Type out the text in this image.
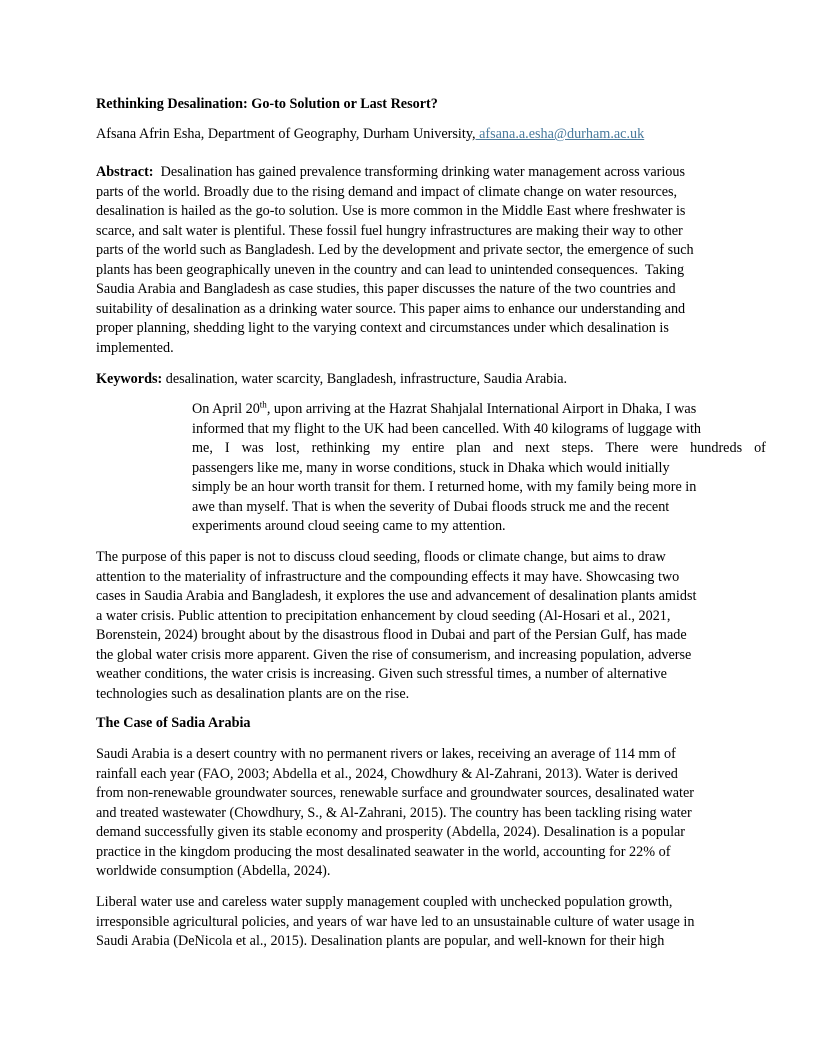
Rethinking Desalination: Go-to Solution or Last Resort?
Afsana Afrin Esha, Department of Geography, Durham University, afsana.a.esha@durham.ac.uk
Abstract:  Desalination has gained prevalence transforming drinking water management across various
parts of the world. Broadly due to the rising demand and impact of climate change on water resources,
desalination is hailed as the go-to solution. Use is more common in the Middle East where freshwater is
scarce, and salt water is plentiful. These fossil fuel hungry infrastructures are making their way to other
parts of the world such as Bangladesh. Led by the development and private sector, the emergence of such
plants has been geographically uneven in the country and can lead to unintended consequences.  Taking
Saudia Arabia and Bangladesh as case studies, this paper discusses the nature of the two countries and
suitability of desalination as a drinking water source. This paper aims to enhance our understanding and
proper planning, shedding light to the varying context and circumstances under which desalination is
implemented.
Keywords: desalination, water scarcity, Bangladesh, infrastructure, Saudia Arabia.
On April 20th, upon arriving at the Hazrat Shahjalal International Airport in Dhaka, I was
informed that my flight to the UK had been cancelled. With 40 kilograms of luggage with
me, I was lost, rethinking my entire plan and next steps. There were hundreds of
passengers like me, many in worse conditions, stuck in Dhaka which would initially
simply be an hour worth transit for them. I returned home, with my family being more in
awe than myself. That is when the severity of Dubai floods struck me and the recent
experiments around cloud seeing came to my attention.
The purpose of this paper is not to discuss cloud seeding, floods or climate change, but aims to draw
attention to the materiality of infrastructure and the compounding effects it may have. Showcasing two
cases in Saudia Arabia and Bangladesh, it explores the use and advancement of desalination plants amidst
a water crisis. Public attention to precipitation enhancement by cloud seeding (Al-Hosari et al., 2021,
Borenstein, 2024) brought about by the disastrous flood in Dubai and part of the Persian Gulf, has made
the global water crisis more apparent. Given the rise of consumerism, and increasing population, adverse
weather conditions, the water crisis is increasing. Given such stressful times, a number of alternative
technologies such as desalination plants are on the rise.
The Case of Sadia Arabia
Saudi Arabia is a desert country with no permanent rivers or lakes, receiving an average of 114 mm of
rainfall each year (FAO, 2003; Abdella et al., 2024, Chowdhury & Al-Zahrani, 2013). Water is derived
from non-renewable groundwater sources, renewable surface and groundwater sources, desalinated water
and treated wastewater (Chowdhury, S., & Al-Zahrani, 2015). The country has been tackling rising water
demand successfully given its stable economy and prosperity (Abdella, 2024). Desalination is a popular
practice in the kingdom producing the most desalinated seawater in the world, accounting for 22% of
worldwide consumption (Abdella, 2024).
Liberal water use and careless water supply management coupled with unchecked population growth,
irresponsible agricultural policies, and years of war have led to an unsustainable culture of water usage in
Saudi Arabia (DeNicola et al., 2015). Desalination plants are popular, and well-known for their high
